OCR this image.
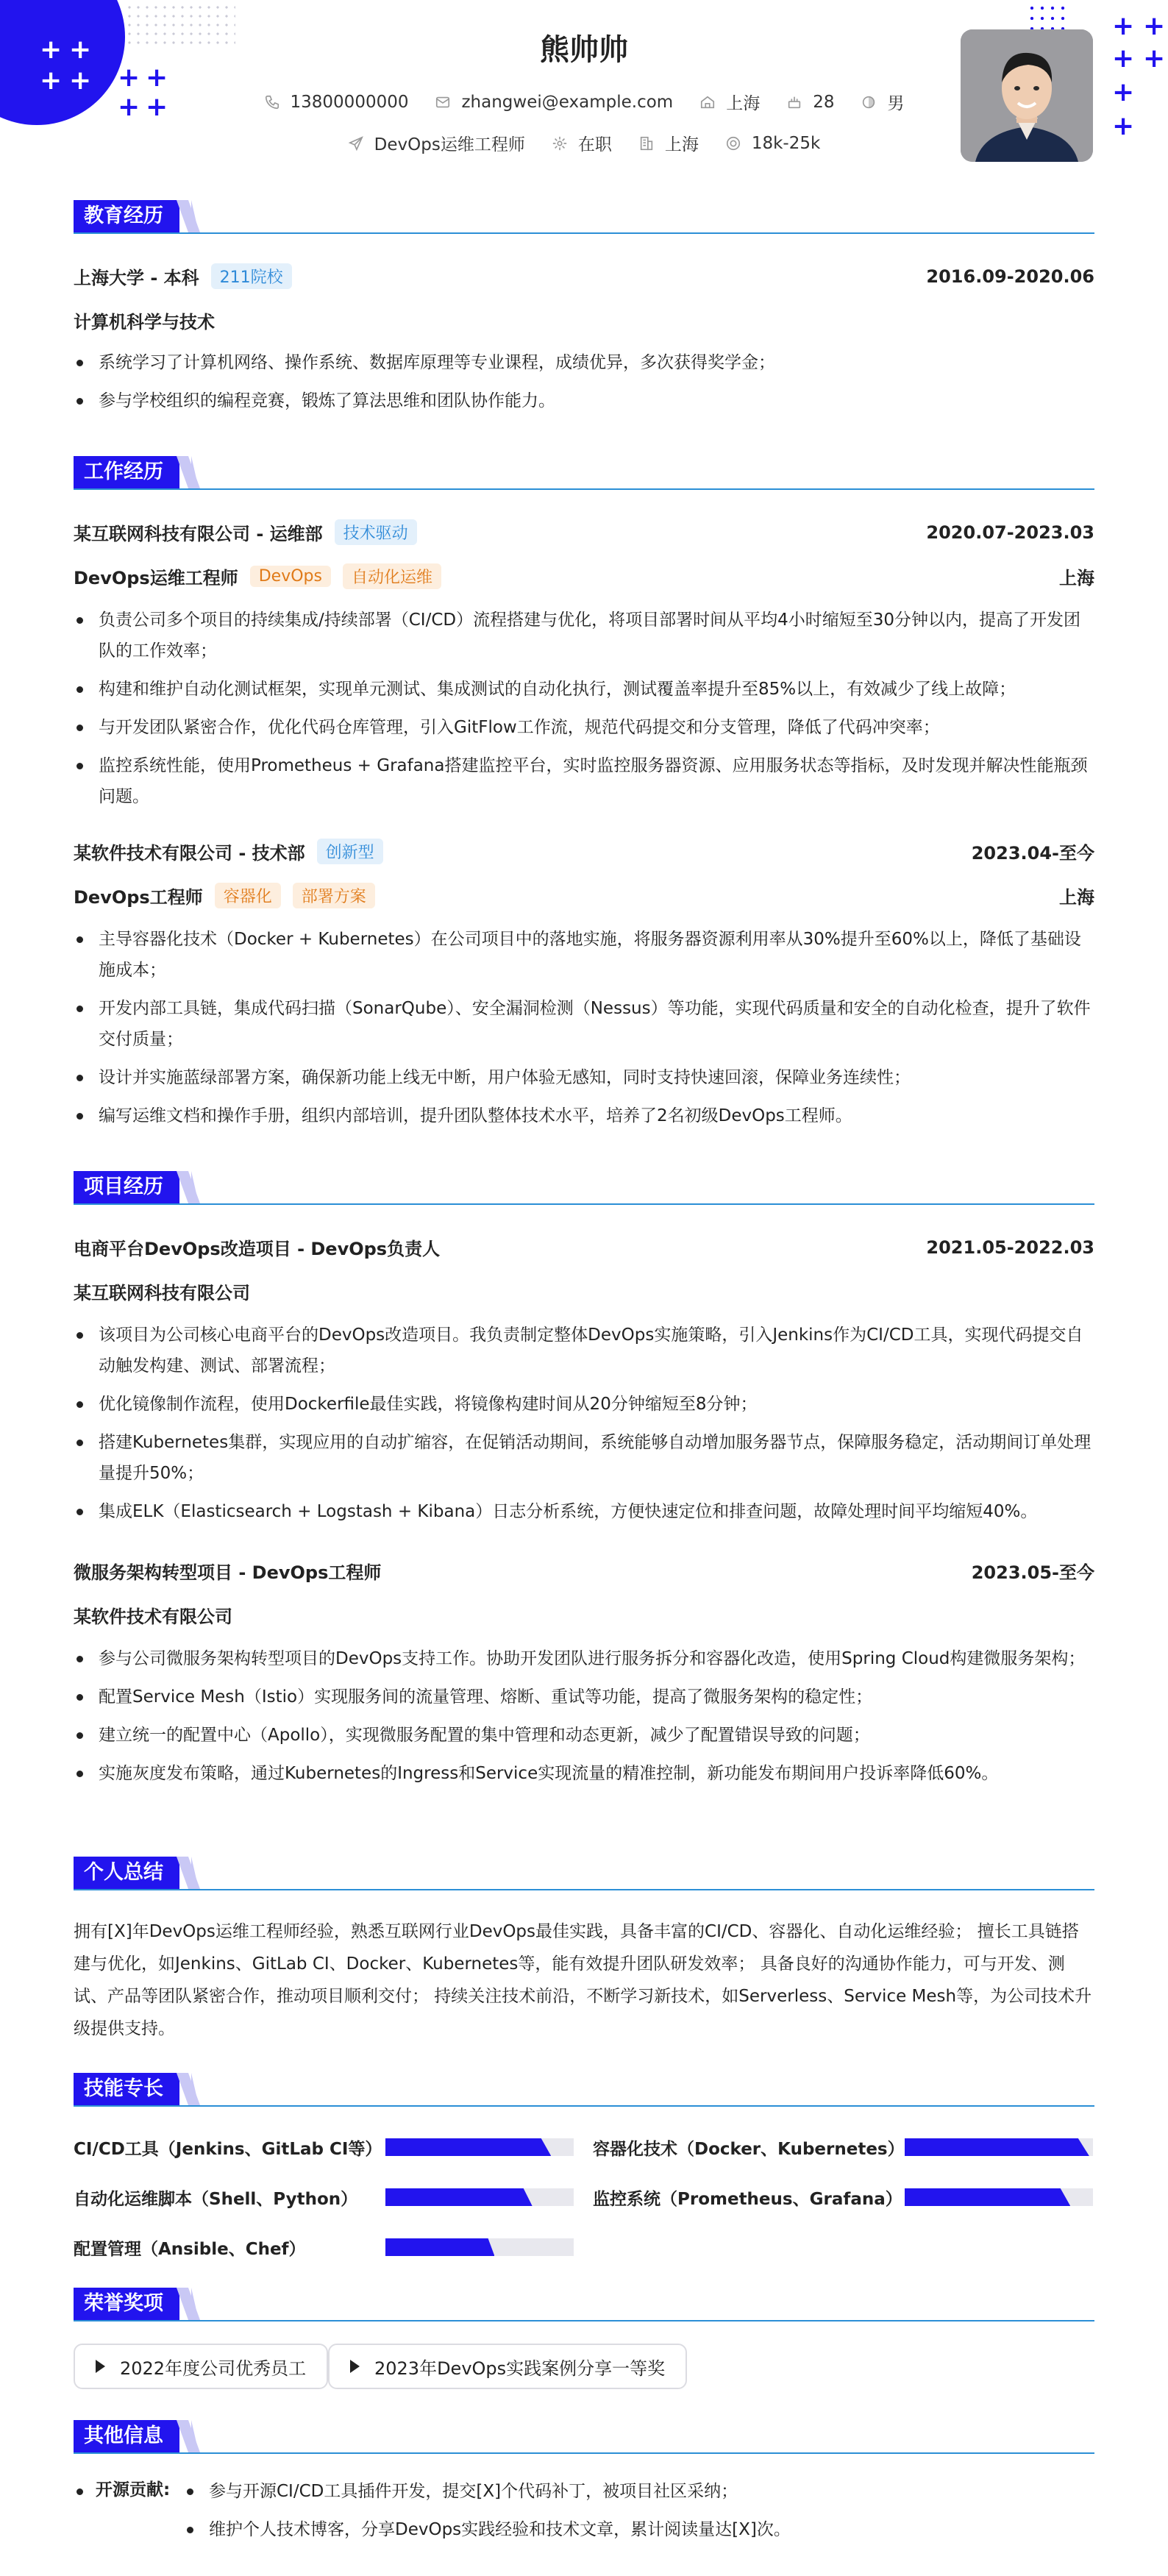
+ +
+ + + +
+ +
+ +
+ +
+
+
熊帅帅
13800000000	zhangwei@example.com	上海	28	男
DevOps运维工程师	在职	上海	18k-25k
教育经历
上海大学 - 本科	211院校	2016.09-2020.06
计算机科学与技术
系统学习了计算机网络、操作系统、数据库原理等专业课程，成绩优异，多次获得奖学金；
参与学校组织的编程竞赛，锻炼了算法思维和团队协作能力。
工作经历
某互联网科技有限公司 - 运维部	技术驱动	2020.07-2023.03
DevOps运维工程师	DevOps	自动化运维	上海
负责公司多个项目的持续集成/持续部署（CI/CD）流程搭建与优化，将项目部署时间从平均4小时缩短至30分钟以内，提高了开发团队的工作效率；
构建和维护自动化测试框架，实现单元测试、集成测试的自动化执行，测试覆盖率提升至85%以上，有效减少了线上故障；
与开发团队紧密合作，优化代码仓库管理，引入GitFlow工作流，规范代码提交和分支管理，降低了代码冲突率；
监控系统性能，使用Prometheus + Grafana搭建监控平台，实时监控服务器资源、应用服务状态等指标，及时发现并解决性能瓶颈问题。
某软件技术有限公司 - 技术部	创新型	2023.04-至今
DevOps工程师	容器化	部署方案	上海
主导容器化技术（Docker + Kubernetes）在公司项目中的落地实施，将服务器资源利用率从30%提升至60%以上，降低了基础设施成本；
开发内部工具链，集成代码扫描（SonarQube）、安全漏洞检测（Nessus）等功能，实现代码质量和安全的自动化检查，提升了软件交付质量；
设计并实施蓝绿部署方案，确保新功能上线无中断，用户体验无感知，同时支持快速回滚，保障业务连续性；
编写运维文档和操作手册，组织内部培训，提升团队整体技术水平，培养了2名初级DevOps工程师。
项目经历
电商平台DevOps改造项目 - DevOps负责人	2021.05-2022.03
某互联网科技有限公司
该项目为公司核心电商平台的DevOps改造项目。我负责制定整体DevOps实施策略，引入Jenkins作为CI/CD工具，实现代码提交自动触发构建、测试、部署流程；
优化镜像制作流程，使用Dockerfile最佳实践，将镜像构建时间从20分钟缩短至8分钟；
搭建Kubernetes集群，实现应用的自动扩缩容，在促销活动期间，系统能够自动增加服务器节点，保障服务稳定，活动期间订单处理量提升50%；
集成ELK（Elasticsearch + Logstash + Kibana）日志分析系统，方便快速定位和排查问题，故障处理时间平均缩短40%。
微服务架构转型项目 - DevOps工程师	2023.05-至今
某软件技术有限公司
参与公司微服务架构转型项目的DevOps支持工作。协助开发团队进行服务拆分和容器化改造，使用Spring Cloud构建微服务架构；
配置Service Mesh（Istio）实现服务间的流量管理、熔断、重试等功能，提高了微服务架构的稳定性；
建立统一的配置中心（Apollo），实现微服务配置的集中管理和动态更新，减少了配置错误导致的问题；
实施灰度发布策略，通过Kubernetes的Ingress和Service实现流量的精准控制，新功能发布期间用户投诉率降低60%。
个人总结
拥有[X]年DevOps运维工程师经验，熟悉互联网行业DevOps最佳实践，具备丰富的CI/CD、容器化、自动化运维经验； 擅长工具链搭建与优化，如Jenkins、GitLab CI、Docker、Kubernetes等，能有效提升团队研发效率； 具备良好的沟通协作能力，可与开发、测试、产品等团队紧密合作，推动项目顺利交付； 持续关注技术前沿，不断学习新技术，如Serverless、Service Mesh等，为公司技术升级提供支持。
技能专长
CI/CD工具（Jenkins、GitLab CI等）	容器化技术（Docker、Kubernetes）
自动化运维脚本（Shell、Python）	监控系统（Prometheus、Grafana）
配置管理（Ansible、Chef）
荣誉奖项
2022年度公司优秀员工	2023年DevOps实践案例分享一等奖
其他信息
开源贡献:	参与开源CI/CD工具插件开发，提交[X]个代码补丁，被项目社区采纳；
维护个人技术博客，分享DevOps实践经验和技术文章，累计阅读量达[X]次。
